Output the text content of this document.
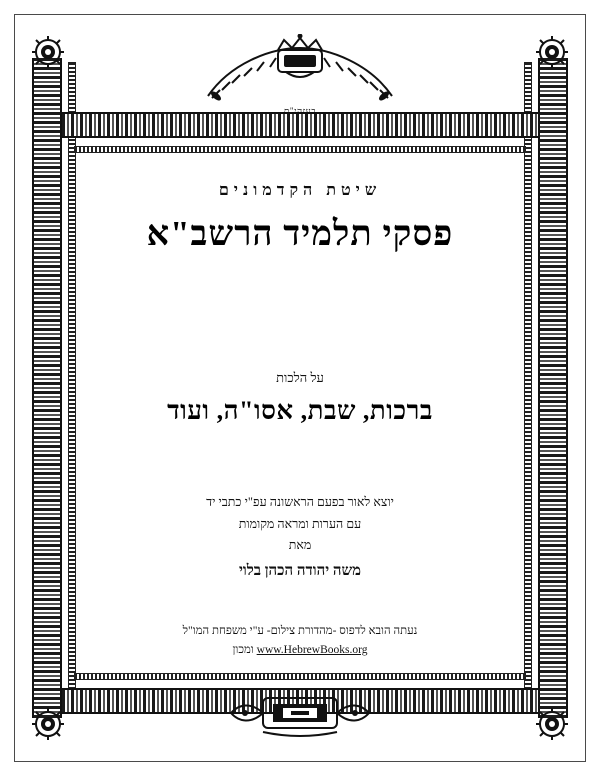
בעזהי"ת
שיטת הקדמונים
פסקי תלמיד הרשב"א
על הלכות
ברכות, שבת, אסו"ה, ועוד
יוצא לאור בפעם הראשונה עפ"י כתבי יד
עם הערות ומראה מקומות
מאת
משה יהודה הכהן בלוי
נעתה הובא לדפוס -מהדורת צילום- ע"י משפחת המו"ל
www.HebrewBooks.org ומכון
